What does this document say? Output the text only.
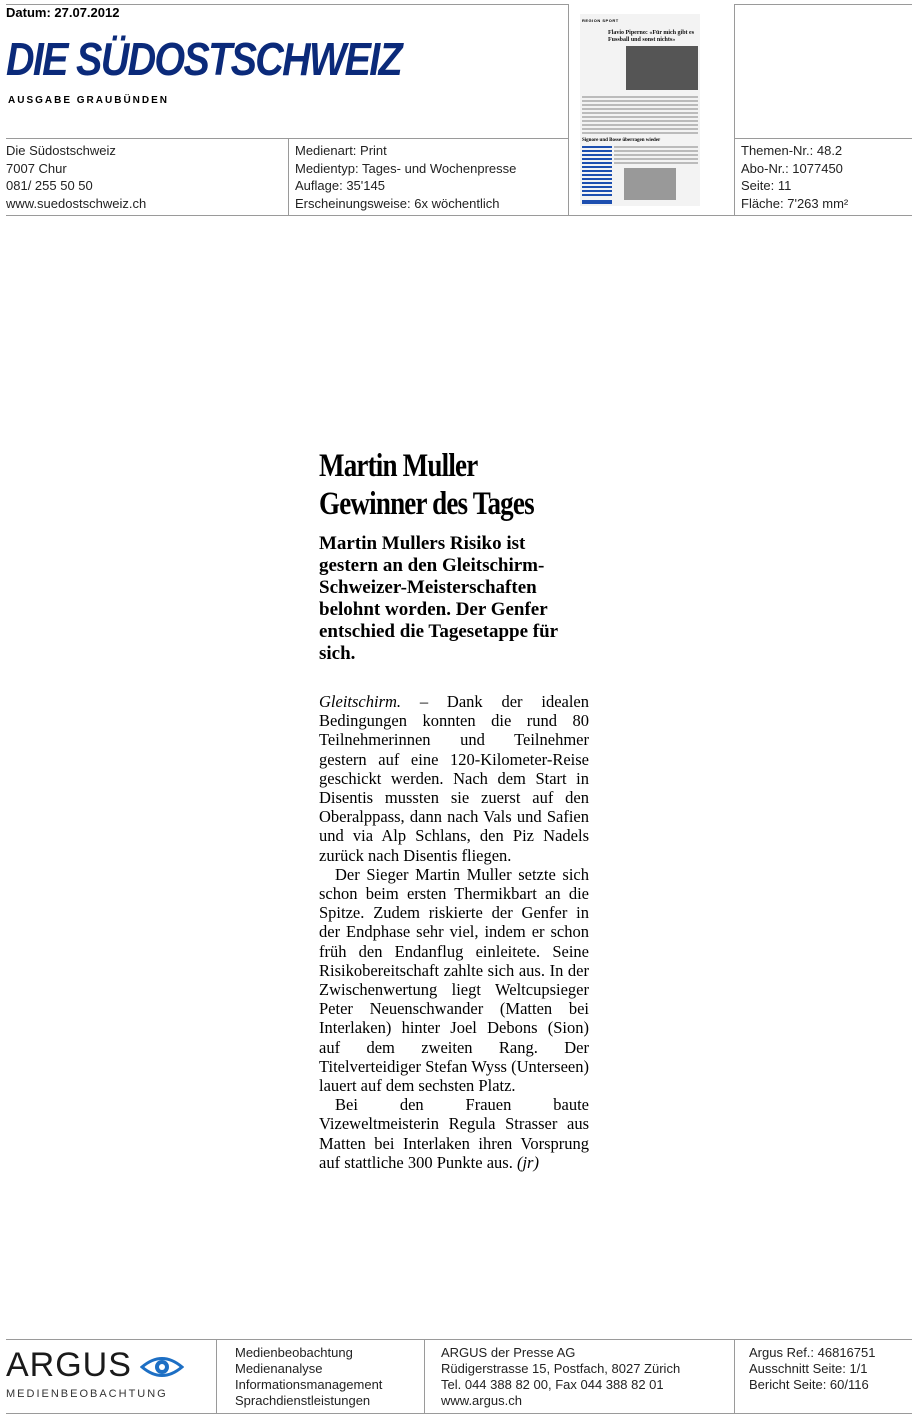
Datum: 27.07.2012
DIE SÜDOSTSCHWEIZ
AUSGABE GRAUBÜNDEN
Die Südostschweiz
7007 Chur
081/ 255 50 50
www.suedostschweiz.ch
Medienart: Print
Medientyp: Tages- und Wochenpresse
Auflage: 35'145
Erscheinungsweise: 6x wöchentlich
Themen-Nr.: 48.2
Abo-Nr.: 1077450
Seite: 11
Fläche: 7'263 mm²
REGION SPORT
Flavio Piperno: «Für mich gibt es Fussball und sonst nichts»
Signore und Bosse überragen wieder
Martin Muller
Gewinner des Tages
Martin Mullers Risiko ist gestern an den Gleitschirm-Schweizer-Meisterschaften belohnt worden. Der Genfer entschied die Tagesetappe für sich.

Gleitschirm. – Dank der idealen Bedingungen konnten die rund 80 Teilnehmerinnen und Teilnehmer gestern auf eine 120-Kilometer-Reise geschickt werden. Nach dem Start in Disentis mussten sie zuerst auf den Oberalppass, dann nach Vals und Safien und via Alp Schlans, den Piz Nadels zurück nach Disentis fliegen.

Der Sieger Martin Muller setzte sich schon beim ersten Thermikbart an die Spitze. Zudem riskierte der Genfer in der Endphase sehr viel, indem er schon früh den Endanflug einleitete. Seine Risikobereitschaft zahlte sich aus. In der Zwischenwertung liegt Weltcupsieger Peter Neuenschwander (Matten bei Interlaken) hinter Joel Debons (Sion) auf dem zweiten Rang. Der Titelverteidiger Stefan Wyss (Unterseen) lauert auf dem sechsten Platz.

Bei den Frauen baute Vizeweltmeisterin Regula Strasser aus Matten bei Interlaken ihren Vorsprung auf stattliche 300 Punkte aus. (jr)

ARGUS
MEDIENBEOBACHTUNG
Medienbeobachtung
Medienanalyse
Informationsmanagement
Sprachdienstleistungen
ARGUS der Presse AG
Rüdigerstrasse 15, Postfach, 8027 Zürich
Tel. 044 388 82 00, Fax 044 388 82 01
www.argus.ch
Argus Ref.: 46816751
Ausschnitt Seite: 1/1
Bericht Seite: 60/116
